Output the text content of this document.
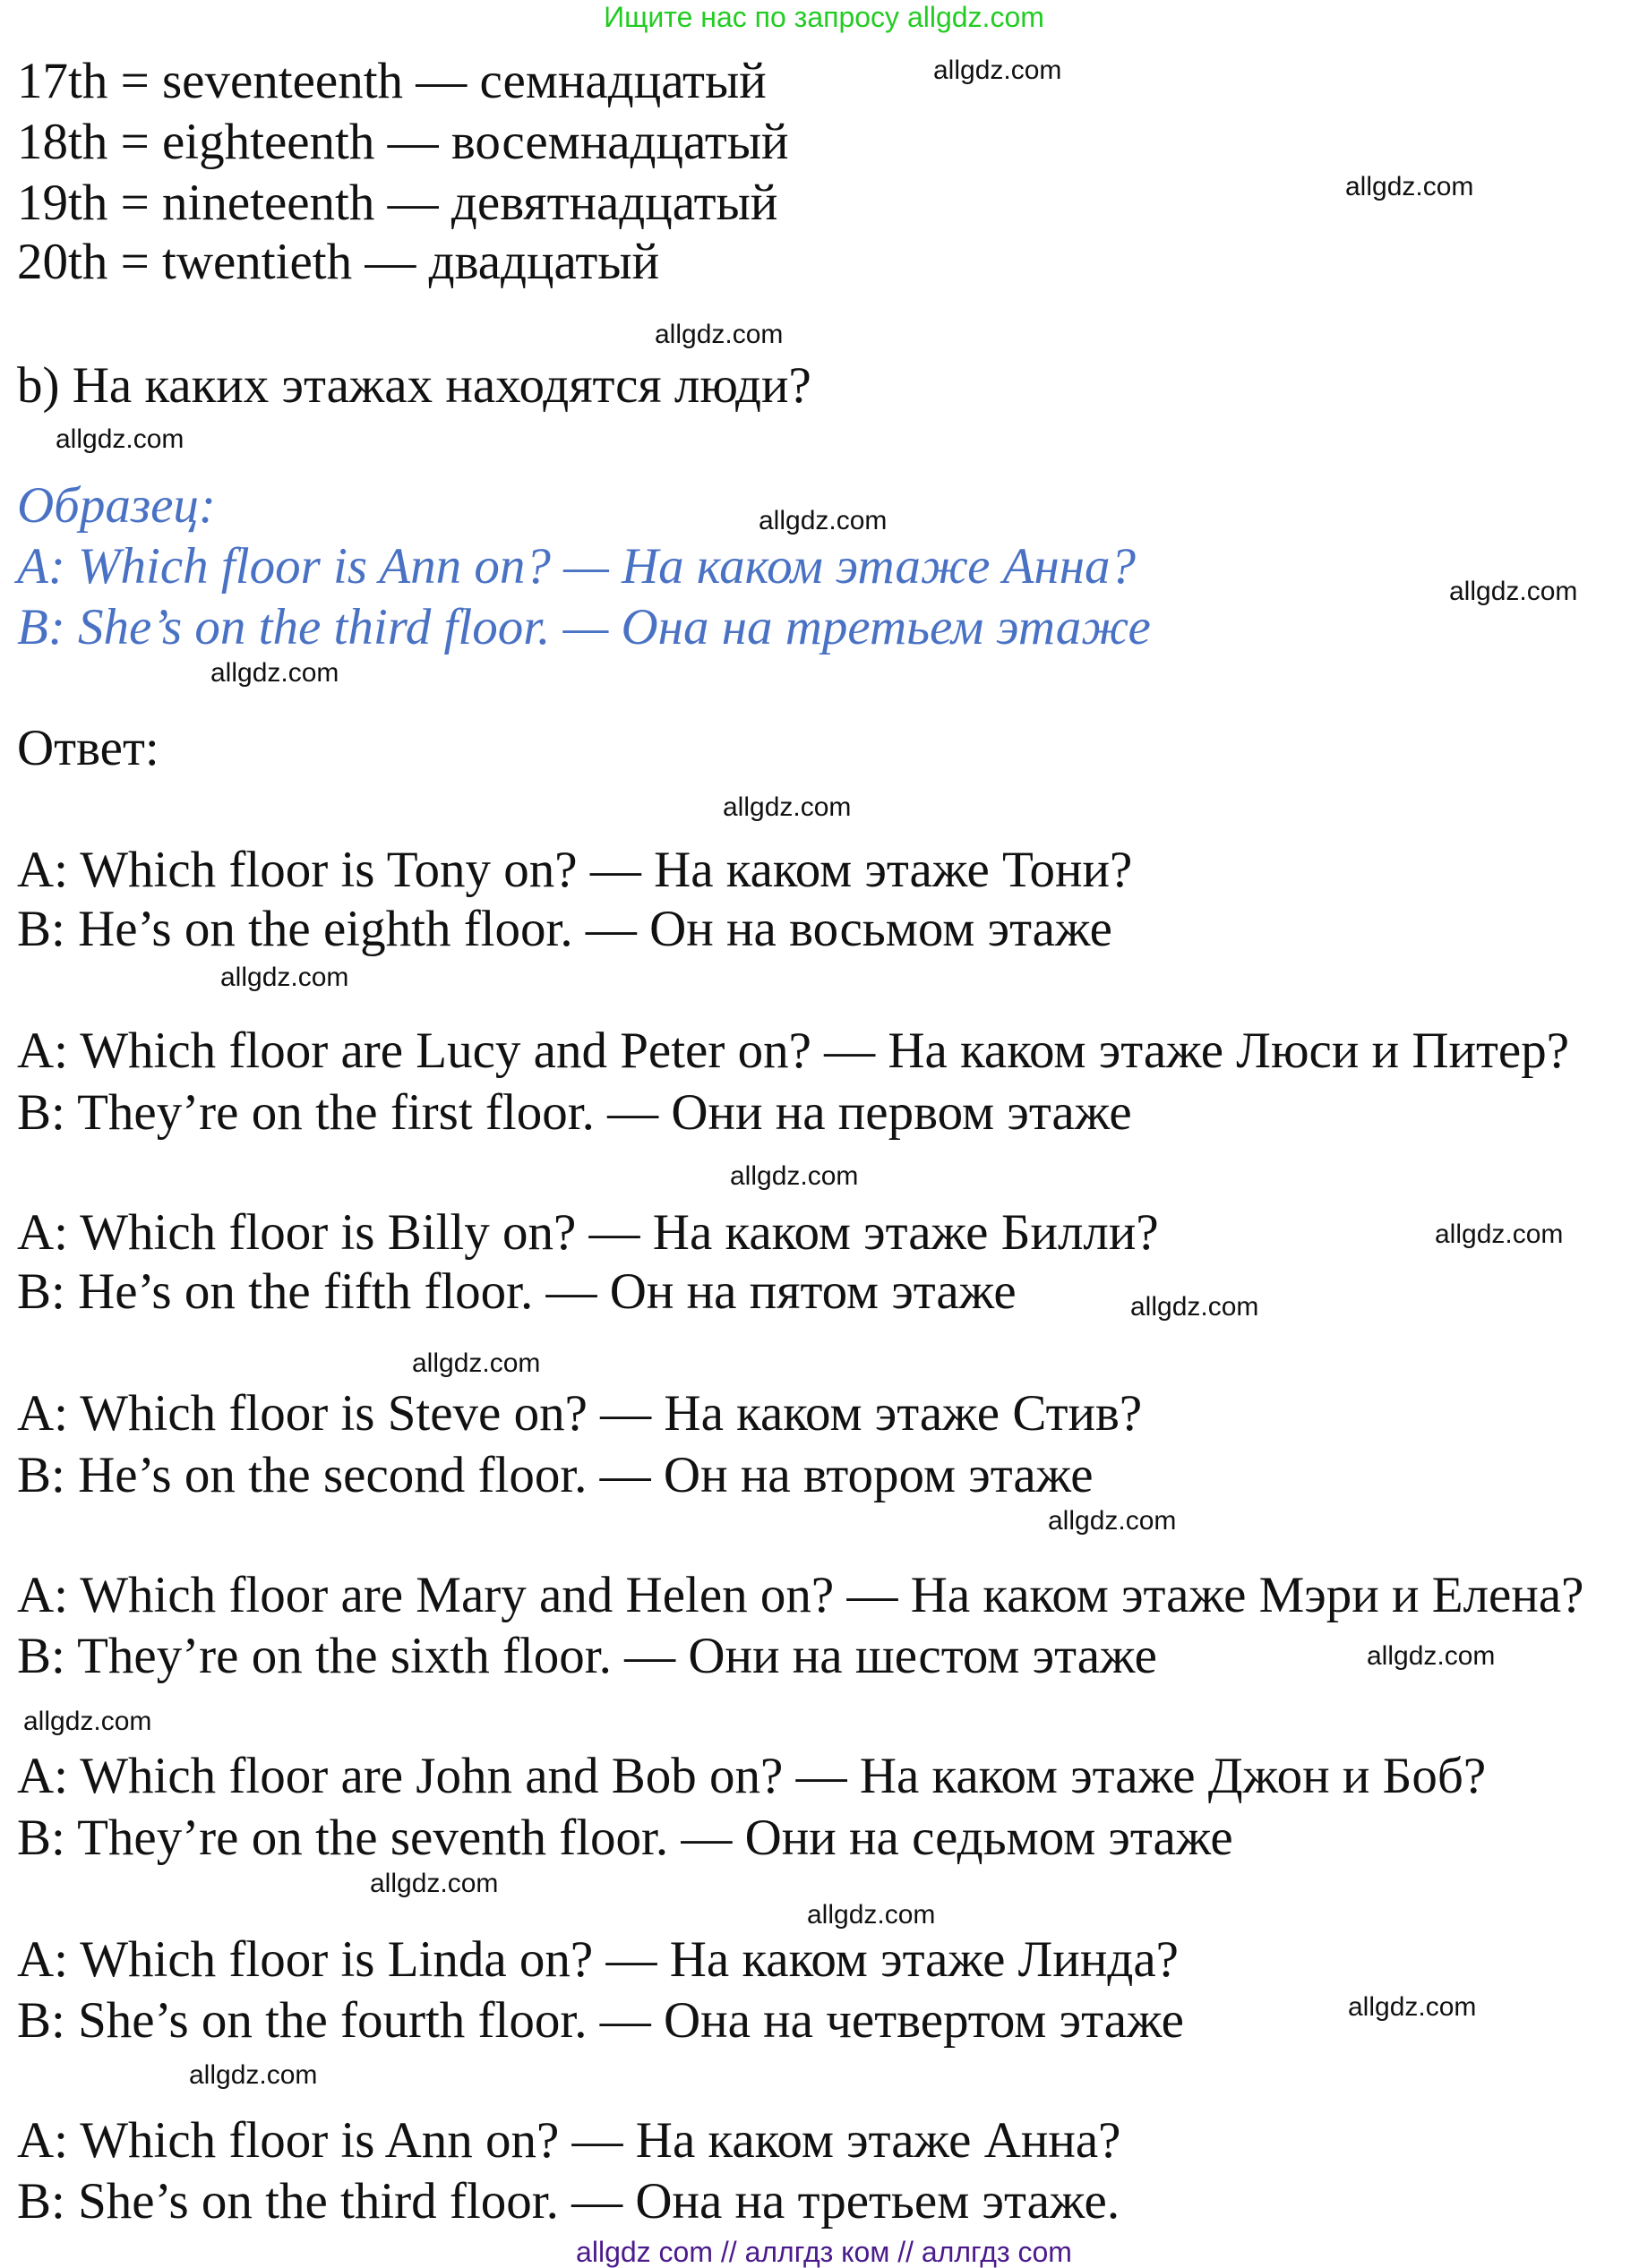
Ищите нас по запросу allgdz.com
17th = seventeenth — семнадцатый
18th = eighteenth — восемнадцатый
19th = nineteenth — девятнадцатый
20th = twentieth — двадцатый
b) На каких этажах находятся люди?
Образец:
A: Which floor is Ann on? — На каком этаже Анна?
B: She’s on the third floor. — Она на третьем этаже
Ответ:
A: Which floor is Tony on? — На каком этаже Тони?
B: He’s on the eighth floor. — Он на восьмом этаже
A: Which floor are Lucy and Peter on? — На каком этаже Люси и Питер?
B: They’re on the first floor. — Они на первом этаже
A: Which floor is Billy on? — На каком этаже Билли?
B: He’s on the fifth floor. — Он на пятом этаже
A: Which floor is Steve on? — На каком этаже Стив?
B: He’s on the second floor. — Он на втором этаже
A: Which floor are Mary and Helen on? — На каком этаже Мэри и Елена?
B: They’re on the sixth floor. — Они на шестом этаже
A: Which floor are John and Bob on? — На каком этаже Джон и Боб?
B: They’re on the seventh floor. — Они на седьмом этаже
A: Which floor is Linda on? — На каком этаже Линда?
B: She’s on the fourth floor. — Она на четвертом этаже
A: Which floor is Ann on? — На каком этаже Анна?
B: She’s on the third floor. — Она на третьем этаже.
allgdz.com
allgdz.com
allgdz.com
allgdz.com
allgdz.com
allgdz.com
allgdz.com
allgdz.com
allgdz.com
allgdz.com
allgdz.com
allgdz.com
allgdz.com
allgdz.com
allgdz.com
allgdz.com
allgdz.com
allgdz.com
allgdz.com
allgdz.com
allgdz com // аллгдз ком // аллгдз com
